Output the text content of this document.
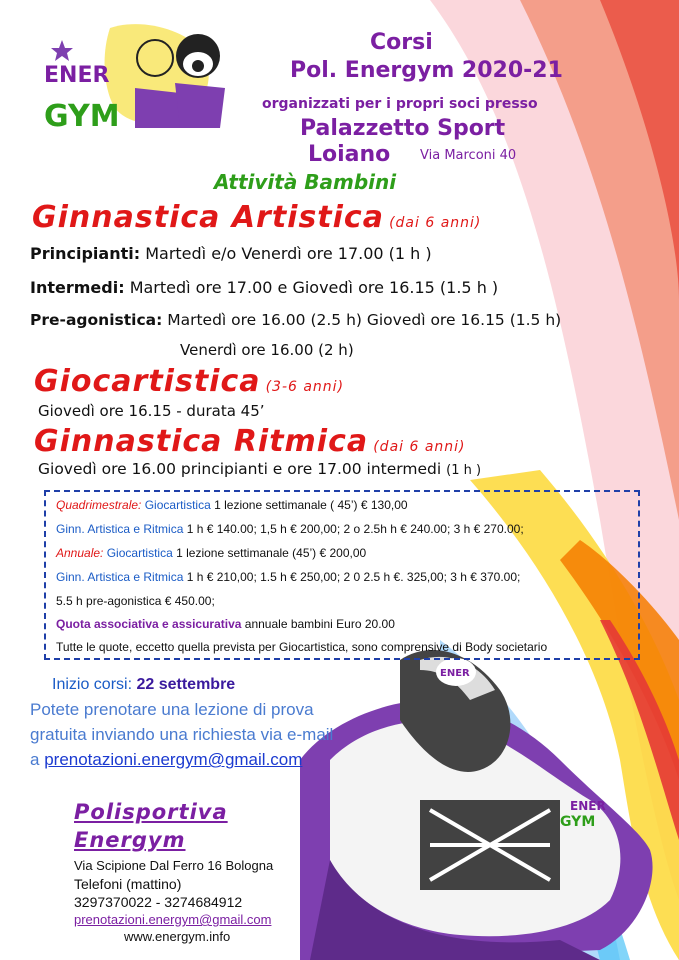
ENER
ENER
GYM
ENER
GYM
Corsi
Pol. Energym 2020-21
organizzati per i propri soci presso
Palazzetto Sport
Loiano Via Marconi 40
Attività Bambini
Ginnastica Artistica (dai 6 anni)
Principianti: Martedì e/o Venerdì ore 17.00 (1 h )
Intermedi: Martedì ore 17.00 e Giovedì ore 16.15 (1.5 h )
Pre-agonistica: Martedì ore 16.00 (2.5 h) Giovedì ore 16.15 (1.5 h)
Venerdì ore 16.00 (2 h)
Giocartistica (3-6 anni)
Giovedì ore 16.15 - durata 45’
Ginnastica Ritmica (dai 6 anni)
Giovedì ore 16.00 principianti e ore 17.00 intermedi (1 h )
Quadrimestrale: Giocartistica 1 lezione settimanale ( 45’) € 130,00
Ginn. Artistica e Ritmica 1 h € 140.00; 1,5 h € 200,00; 2 o 2.5h h € 240.00; 3 h € 270.00;
Annuale: Giocartistica 1 lezione settimanale (45’) € 200,00
Ginn. Artistica e Ritmica 1 h € 210,00; 1.5 h € 250,00; 2 0 2.5 h €. 325,00; 3 h € 370.00;
5.5 h pre-agonistica € 450.00;
Quota associativa e assicurativa annuale bambini Euro 20.00
Tutte le quote, eccetto quella prevista per Giocartistica, sono comprensive di Body societario
Inizio corsi: 22 settembre
Potete prenotare una lezione di prova
gratuita inviando una richiesta via e-mail
a prenotazioni.energym@gmail.com
Polisportiva
Energym
Via Scipione Dal Ferro 16 Bologna
Telefoni (mattino)
3297370022 - 3274684912
prenotazioni.energym@gmail.com
www.energym.info
